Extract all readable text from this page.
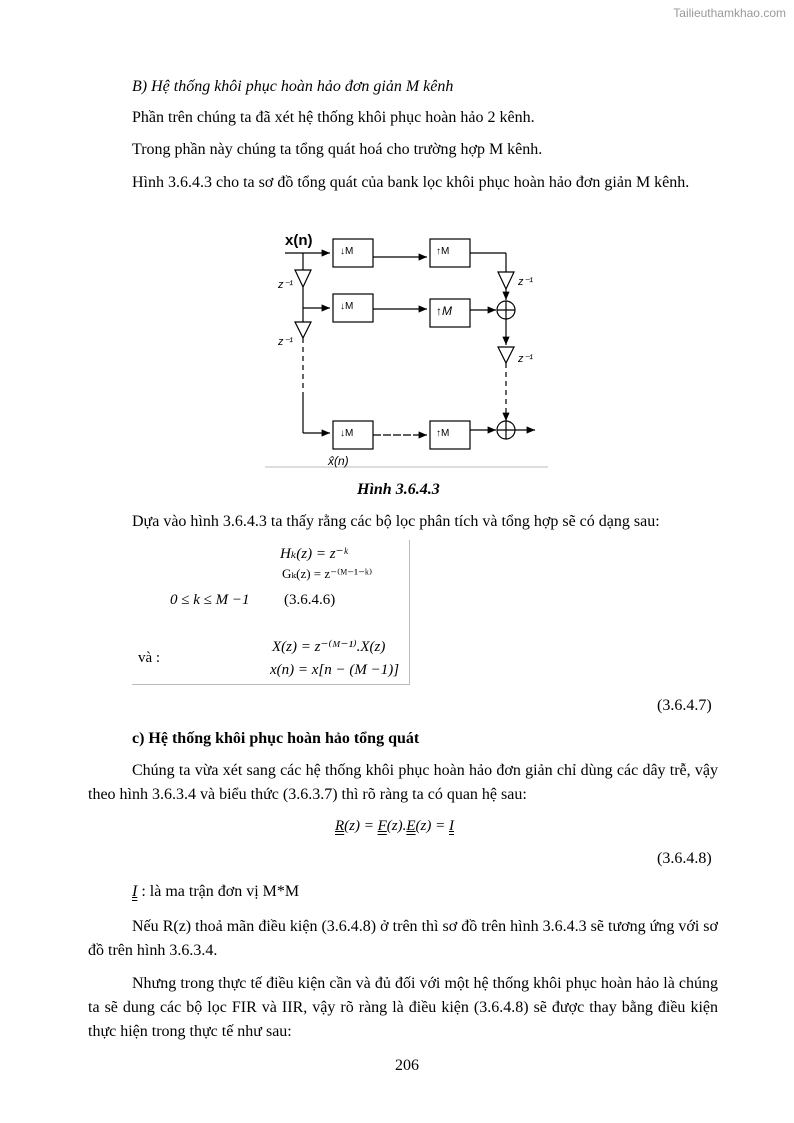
Tailieuthamkhao.com
B) Hệ thống khôi phục hoàn hảo đơn giản M kênh
Phần trên chúng ta đã xét hệ thống khôi phục hoàn hảo 2 kênh.
Trong phần này chúng ta tổng quát hoá cho trường hợp M kênh.
Hình 3.6.4.3 cho ta sơ đồ tổng quát của bank lọc khôi phục hoàn hảo đơn giản M kênh.
x(n)
↓M
↓M
↓M
↑M
↑M
↑M
z⁻¹
z⁻¹
z⁻¹
z⁻¹
x̂(n)
Hình 3.6.4.3
Dựa vào hình 3.6.4.3 ta thấy rằng các bộ lọc phân tích và tổng hợp sẽ có dạng sau:
Hₖ(z) = z⁻ᵏ
Gₖ(z) = z⁻⁽ᴹ⁻¹⁻ᵏ⁾
0 ≤ k ≤ M −1 (3.6.4.6)
và :
X(z) = z⁻⁽ᴹ⁻¹⁾.X(z)
x(n) = x[n − (M −1)]
(3.6.4.7)
c) Hệ thống khôi phục hoàn hảo tổng quát
Chúng ta vừa xét sang các hệ thống khôi phục hoàn hảo đơn giản chỉ dùng các dây trễ, vậy theo hình 3.6.3.4 và biểu thức (3.6.3.7) thì rõ ràng ta có quan hệ sau:
R(z) = F(z).E(z) = I
(3.6.4.8)
I : là ma trận đơn vị M*M
Nếu R(z) thoả mãn điều kiện (3.6.4.8) ở trên thì sơ đồ trên hình 3.6.4.3 sẽ tương ứng với sơ đồ trên hình 3.6.3.4.
Nhưng trong thực tế điều kiện cần và đủ đối với một hệ thống khôi phục hoàn hảo là chúng ta sẽ dung các bộ lọc FIR và IIR, vậy rõ ràng là điều kiện (3.6.4.8) sẽ được thay bằng điều kiện thực hiện trong thực tế như sau:
206
